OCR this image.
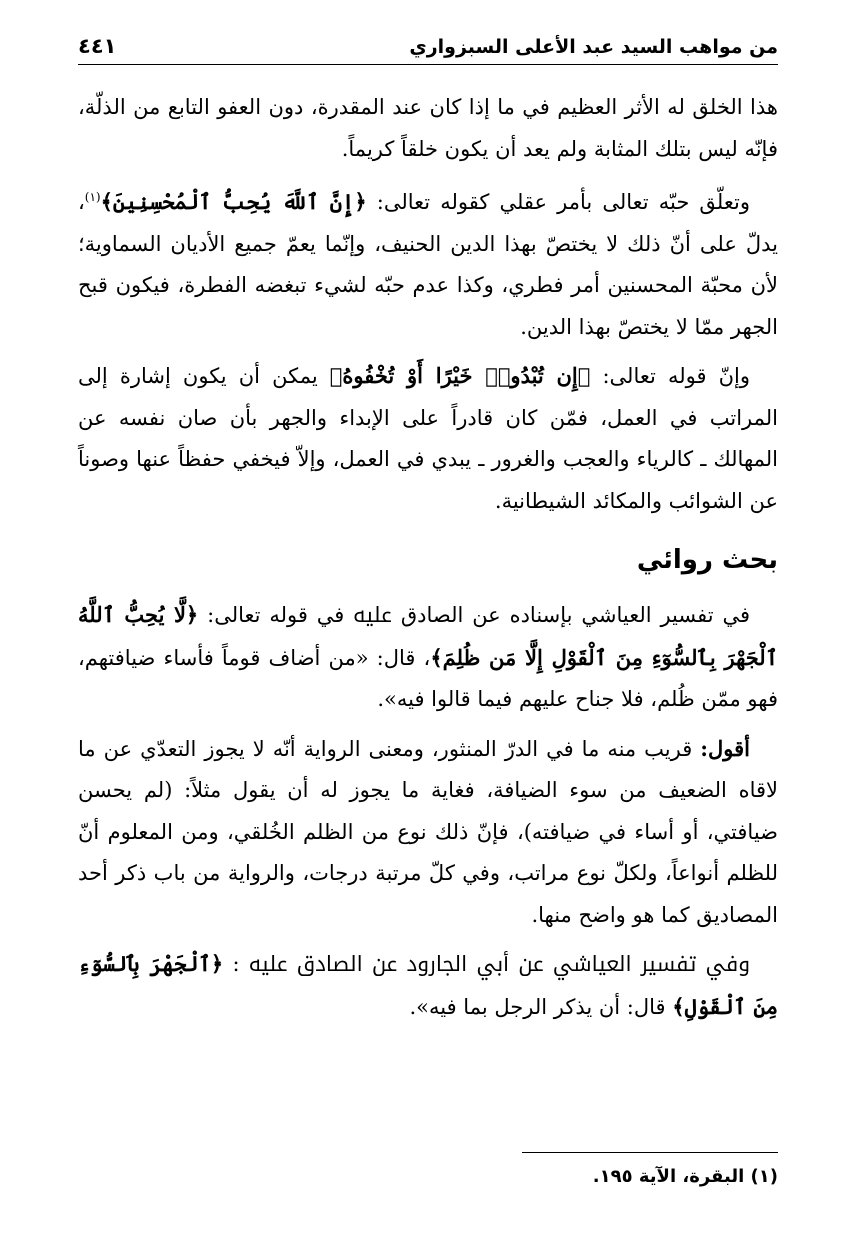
من مواهب السيد عبد الأعلى السبزواري
٤٤١

هذا الخلق له الأثر العظيم في ما إذا كان عند المقدرة، دون العفو التابع من الذلّة، فإنّه ليس بتلك المثابة ولم يعد أن يكون خلقاً كريماً.

وتعلّق حبّه تعالى بأمر عقلي كقوله تعالى: ﴿إِنَّ ٱللَّهَ يُحِبُّ ٱلْمُحْسِنِينَ﴾$^{(١)}$، يدلّ على أنّ ذلك لا يختصّ بهذا الدين الحنيف، وإنّما يعمّ جميع الأديان السماوية؛ لأن محبّة المحسنين أمر فطري، وكذا عدم حبّه لشيء تبغضه الفطرة، فيكون قبح الجهر ممّا لا يختصّ بهذا الدين.

وإنّ قوله تعالى: ﴿إِن تُبْدُوا۟ خَيْرًا أَوْ تُخْفُوهُ﴾ يمكن أن يكون إشارة إلى المراتب في العمل، فمّن كان قادراً على الإبداء والجهر بأن صان نفسه عن المهالك ـ كالرياء والعجب والغرور ـ يبدي في العمل، وإلاّ فيخفي حفظاً عنها وصوناً عن الشوائب والمكائد الشيطانية.

بحث روائي

في تفسير العياشي بإسناده عن الصادق ﷷ في قوله تعالى: ﴿لَّا يُحِبُّ ٱللَّهُ ٱلْجَهْرَ بِٱلسُّوٓءِ مِنَ ٱلْقَوْلِ إِلَّا مَن ظُلِمَ﴾، قال: «من أضاف قوماً فأساء ضيافتهم، فهو ممّن ظُلم، فلا جناح عليهم فيما قالوا فيه».

أقول: قريب منه ما في الدرّ المنثور، ومعنى الرواية أنّه لا يجوز التعدّي عن ما لاقاه الضعيف من سوء الضيافة، فغاية ما يجوز له أن يقول مثلاً: (لم يحسن ضيافتي، أو أساء في ضيافته)، فإنّ ذلك نوع من الظلم الخُلقي، ومن المعلوم أنّ للظلم أنواعاً، ولكلّ نوع مراتب، وفي كلّ مرتبة درجات، والرواية من باب ذكر أحد المصاديق كما هو واضح منها.

وفي تفسير العياشي عن أبي الجارود عن الصادق ﷷ : ﴿ٱلْجَهْرَ بِٱلسُّوٓءِ مِنَ ٱلْقَوْلِ﴾ قال: أن يذكر الرجل بما فيه».

(١) البقرة، الآية ١٩٥.
